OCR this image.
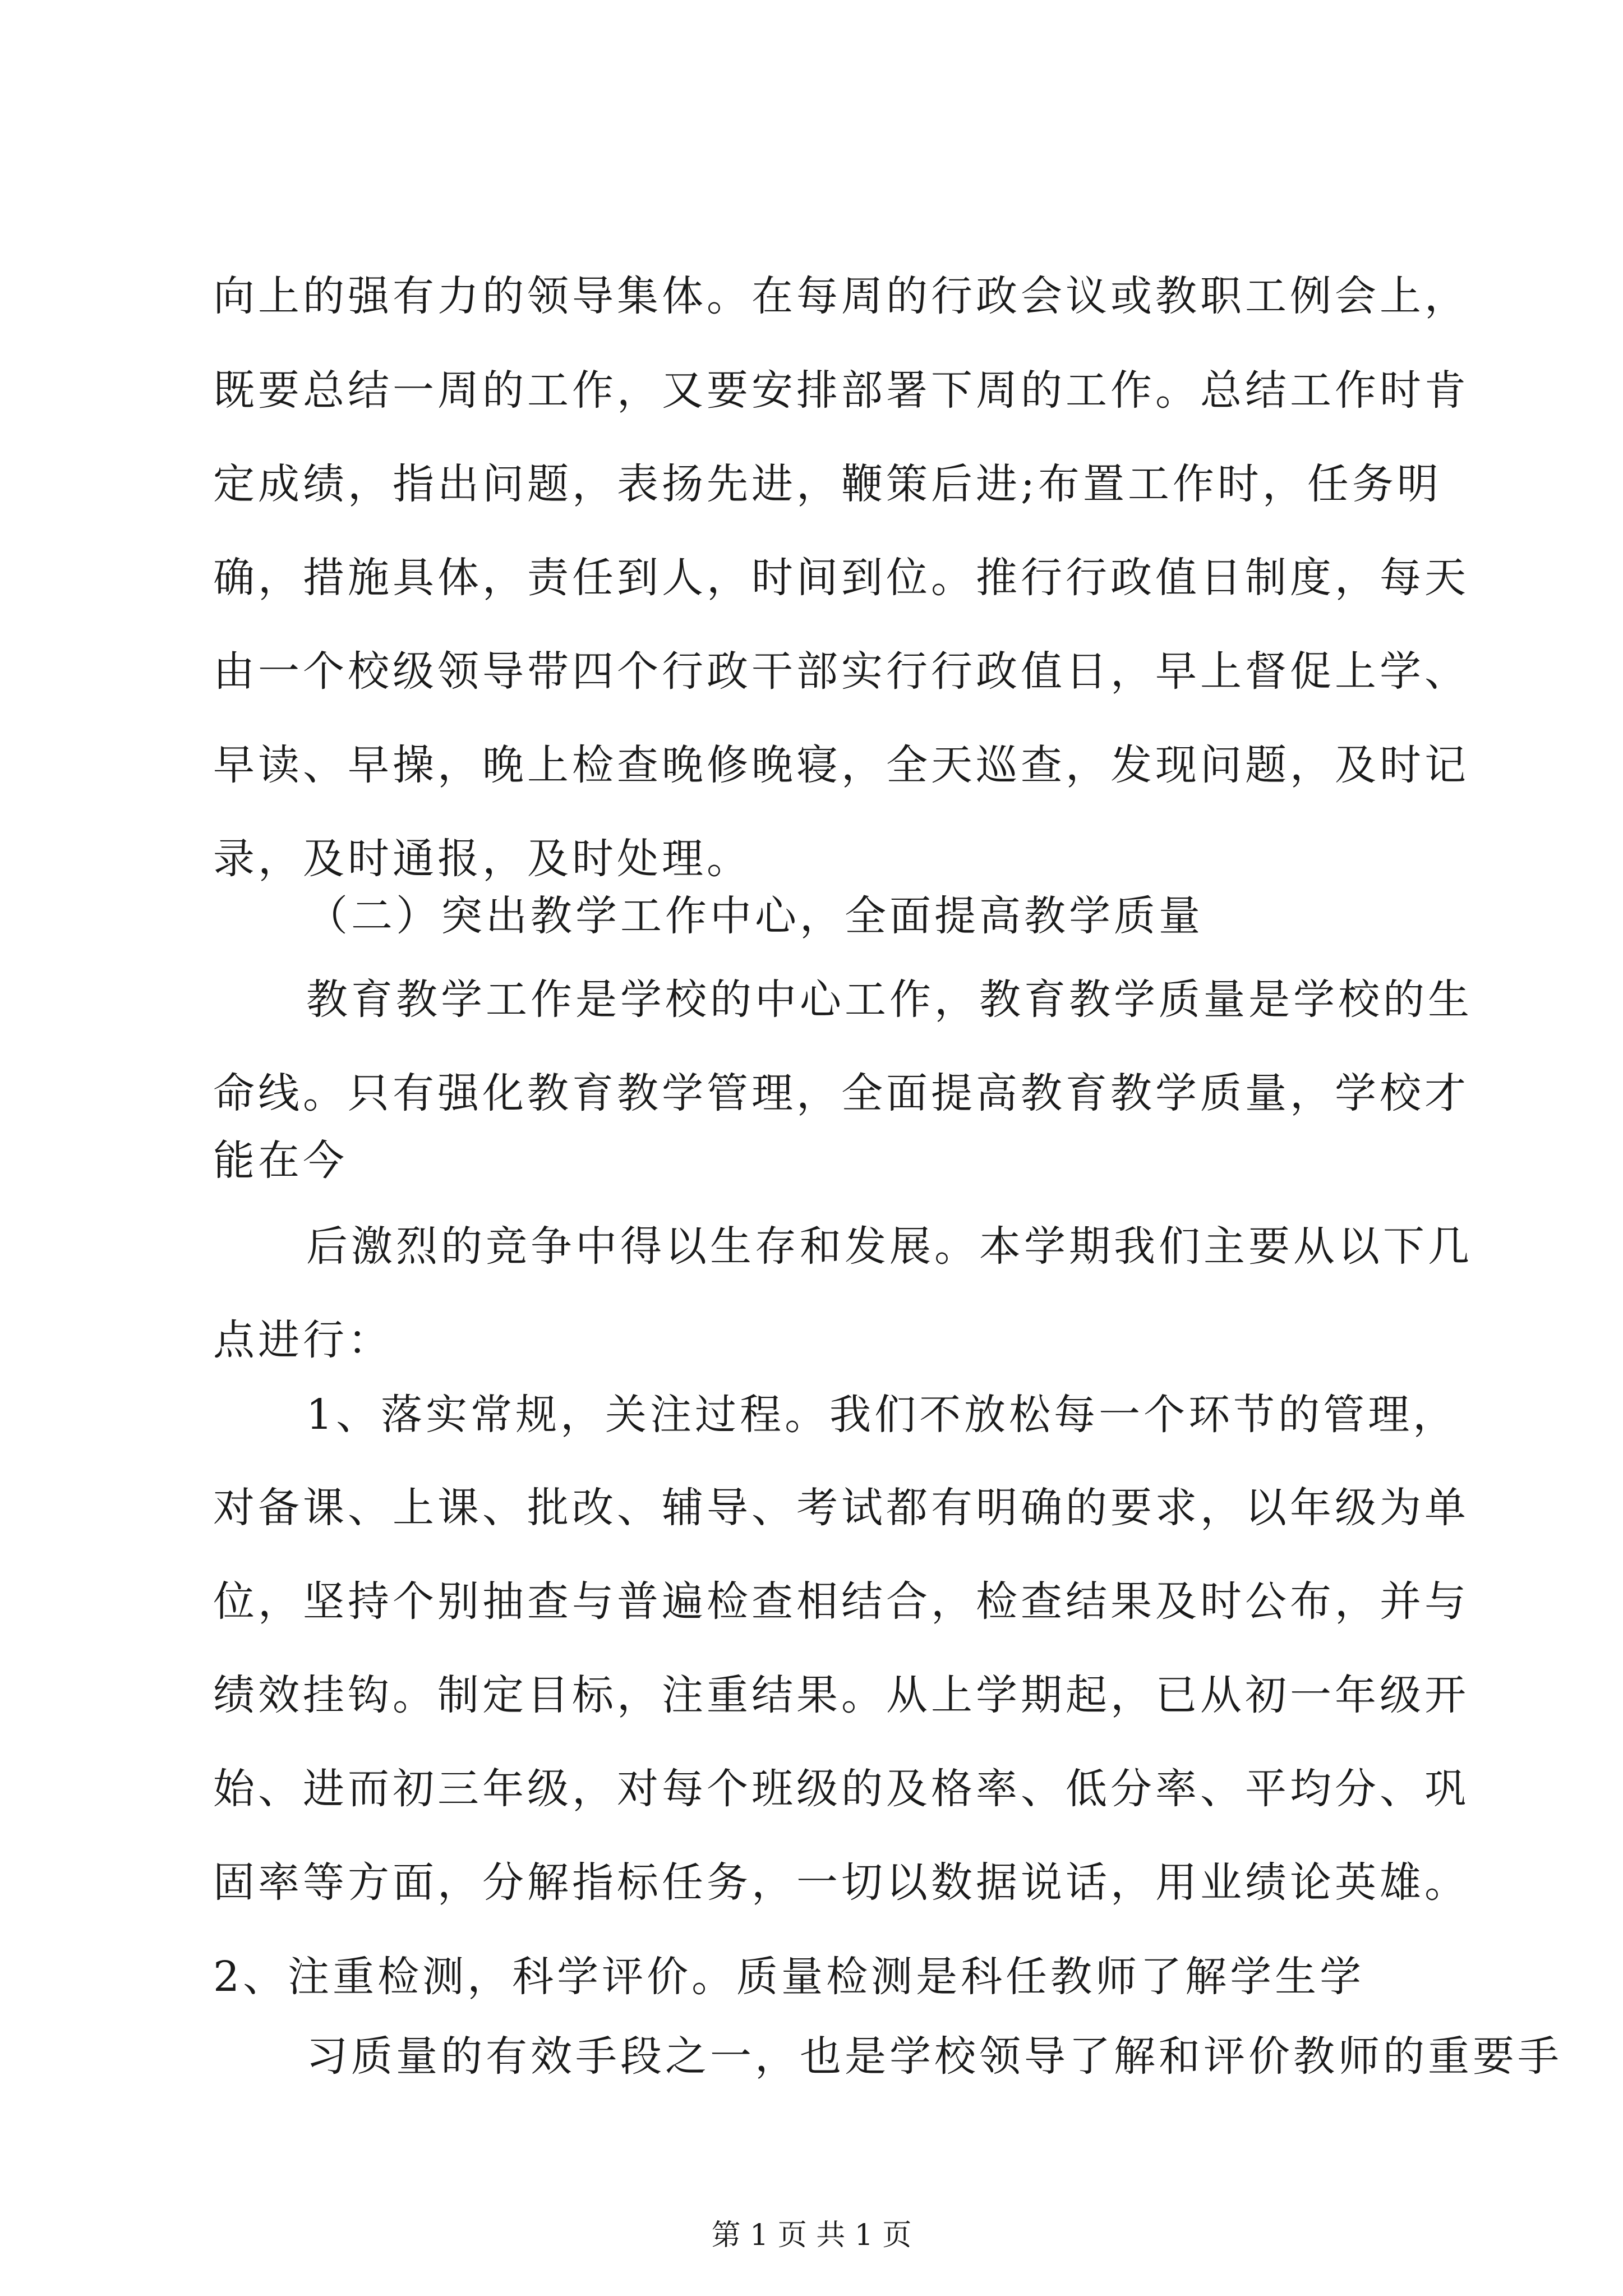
向上的强有力的领导集体。在每周的行政会议或教职工例会上，
既要总结一周的工作，又要安排部署下周的工作。总结工作时肯
定成绩，指出问题，表扬先进，鞭策后进;布置工作时，任务明
确，措施具体，责任到人，时间到位。推行行政值日制度，每天
由一个校级领导带四个行政干部实行行政值日，早上督促上学、
早读、早操，晚上检查晚修晚寝，全天巡查，发现问题，及时记
录，及时通报，及时处理。
（二）突出教学工作中心，全面提高教学质量
教育教学工作是学校的中心工作，教育教学质量是学校的生
命线。只有强化教育教学管理，全面提高教育教学质量，学校才
能在今
后激烈的竞争中得以生存和发展。本学期我们主要从以下几
点进行：
1、落实常规，关注过程。我们不放松每一个环节的管理，
对备课、上课、批改、辅导、考试都有明确的要求，以年级为单
位，坚持个别抽查与普遍检查相结合，检查结果及时公布，并与
绩效挂钩。制定目标，注重结果。从上学期起，已从初一年级开
始、进而初三年级，对每个班级的及格率、低分率、平均分、巩
固率等方面，分解指标任务，一切以数据说话，用业绩论英雄。
2、注重检测，科学评价。质量检测是科任教师了解学生学
习质量的有效手段之一，也是学校领导了解和评价教师的重要手
第 1 页 共 1 页
